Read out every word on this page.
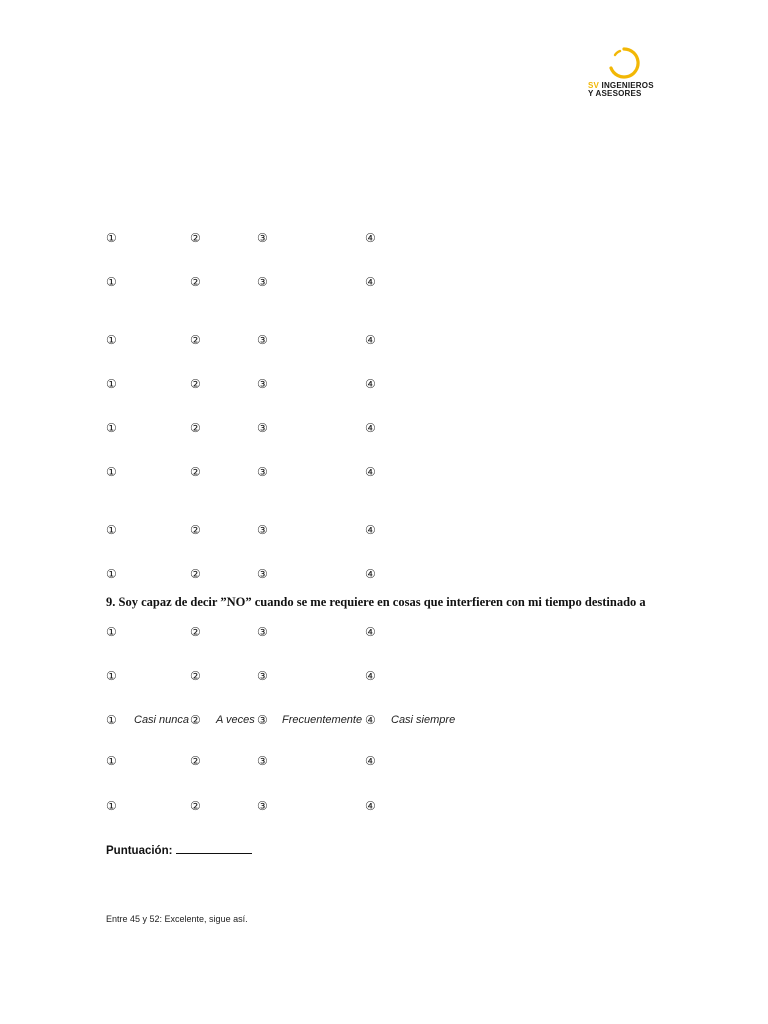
SV INGENIEROS
Y ASESORES
①	②	③	④
①	②	③	④
①	②	③	④
①	②	③	④
①	②	③	④
①	②	③	④
①	②	③	④
①	②	③	④
①	②	③	④
①	②	③	④
① Casi nunca ② A veces ③ Frecuentemente ④ Casi siempre
①	②	③	④
①	②	③	④
9. Soy capaz de decir ”NO” cuando se me requiere en cosas que interfieren con mi tiempo destinado a
Puntuación:
Entre 45 y 52: Excelente, sigue así.
